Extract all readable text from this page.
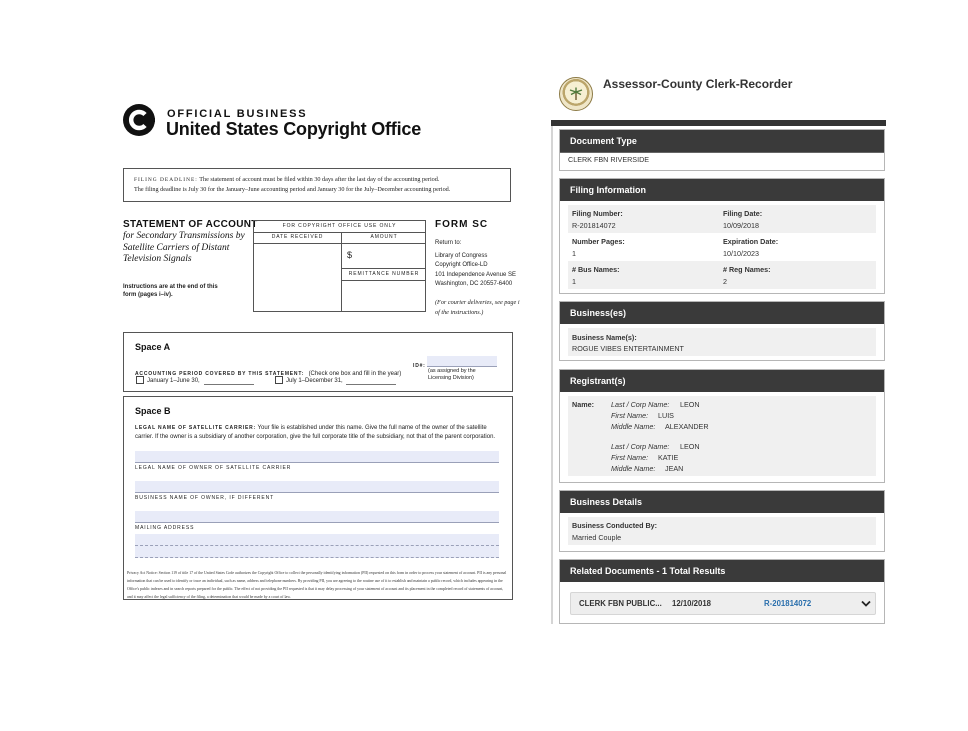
OFFICIAL BUSINESS
United States Copyright Office
FILING DEADLINE: The statement of account must be filed within 30 days after the last day of the accounting period.
The filing deadline is July 30 for the January–June accounting period and January 30 for the July–December accounting period.
STATEMENT OF ACCOUNT
for Secondary Transmissions by Satellite Carriers of Distant Television Signals
Instructions are at the end of this form (pages i–iv).
FOR COPYRIGHT OFFICE USE ONLY
DATE RECEIVED	AMOUNT
$
REMITTANCE NUMBER
FORM SC
Return to:
Library of Congress
Copyright Office-LD
101 Independence Avenue SE
Washington, DC 20557-6400
(For courier deliveries, see page i of the instructions.)
Space A
ACCOUNTING PERIOD COVERED BY THIS STATEMENT: (Check one box and fill in the year)
January 1–June 30,	July 1–December 31,
ID#:
(as assigned by the Licensing Division)
Space B
LEGAL NAME OF SATELLITE CARRIER: Your file is established under this name. Give the full name of the owner of the satellite carrier. If the owner is a subsidiary of another corporation, give the full corporate title of the subsidiary, not that of the parent corporation.
LEGAL NAME OF OWNER OF SATELLITE CARRIER
BUSINESS NAME OF OWNER, IF DIFFERENT
MAILING ADDRESS
Privacy Act Notice: Section 119 of title 17 of the United States Code authorizes the Copyright Office to collect the personally identifying information (PII) requested on this form in order to process your statement of account. PII is any personal information that can be used to identify or trace an individual, such as name, address and telephone numbers. By providing PII, you are agreeing to the routine use of it to establish and maintain a public record, which includes appearing in the Office's public indexes and in search reports prepared for the public. The effect of not providing the PII requested is that it may delay processing of your statement of account and its placement in the completed record of statements of account, and it may affect the legal sufficiency of the filing, a determination that would be made by a court of law.
Assessor-County Clerk-Recorder
Document Type
CLERK FBN RIVERSIDE
Filing Information
Filing Number:
R-201814072
Filing Date:
10/09/2018
Number Pages:
1
Expiration Date:
10/10/2023
# Bus Names:
1
# Reg Names:
2
Business(es)
Business Name(s):
ROGUE VIBES ENTERTAINMENT
Registrant(s)
Name: Last / Corp Name: LEON
First Name: LUIS
Middle Name: ALEXANDER
Last / Corp Name: LEON
First Name: KATIE
Middle Name: JEAN
Business Details
Business Conducted By:
Married Couple
Related Documents - 1 Total Results
CLERK FBN PUBLIC... 12/10/2018	R-201814072
